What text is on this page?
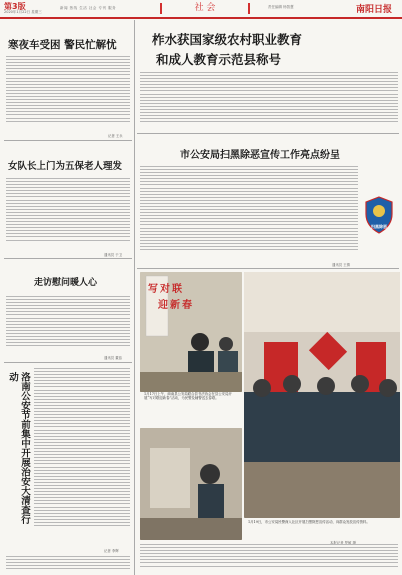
第3版
2020年1月22日 星期三
新闻 热线 生活 社会 专刊 服务	社 会	责任编辑 杨智慧	南阳日报
寒夜车受困 警民忙解忧
记者 王永
女队长上门为五保老人理发
通讯员 于卫
走访慰问暖人心
通讯员 董蕊
洛南公安节前集中开展治安大清查行动
记者 李辉
柞水获国家级农村职业教育
和成人教育示范县称号
市公安局扫黑除恶宣传工作亮点纷呈
通讯员 王倩
扫黑除恶
写对联
迎新春
1月17日上午，商南县公安局联合县书法协会在县公安局开展“写对联迎新春”活动，为民警及辅警送去春联。
1月19日，市公安局民警深入社区开展扫黑除恶宣传活动，向群众发放宣传资料。
本报记者 罗敏 摄
